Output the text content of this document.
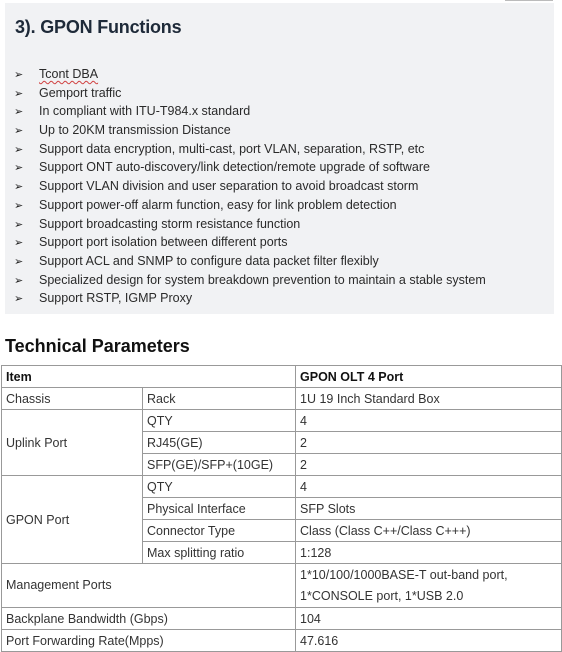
3). GPON Functions
➢ Tcont DBA
➢ Gemport traffic
➢ In compliant with ITU-T984.x standard
➢ Up to 20KM transmission Distance
➢ Support data encryption, multi-cast, port VLAN, separation, RSTP, etc
➢ Support ONT auto-discovery/link detection/remote upgrade of software
➢ Support VLAN division and user separation to avoid broadcast storm
➢ Support power-off alarm function, easy for link problem detection
➢ Support broadcasting storm resistance function
➢ Support port isolation between different ports
➢ Support ACL and SNMP to configure data packet filter flexibly
➢ Specialized design for system breakdown prevention to maintain a stable system
➢ Support RSTP, IGMP Proxy
Technical Parameters
Item		GPON OLT 4 Port
Chassis	Rack	1U 19 Inch Standard Box
Uplink Port	QTY	4
	RJ45(GE)	2
	SFP(GE)/SFP+(10GE)	2
GPON Port	QTY	4
	Physical Interface	SFP Slots
	Connector Type	Class (Class C++/Class C+++)
	Max splitting ratio	1:128
Management Ports		1*10/100/1000BASE-T out-band port,
1*CONSOLE port, 1*USB 2.0
Backplane Bandwidth (Gbps)		104
Port Forwarding Rate(Mpps)		47.616
